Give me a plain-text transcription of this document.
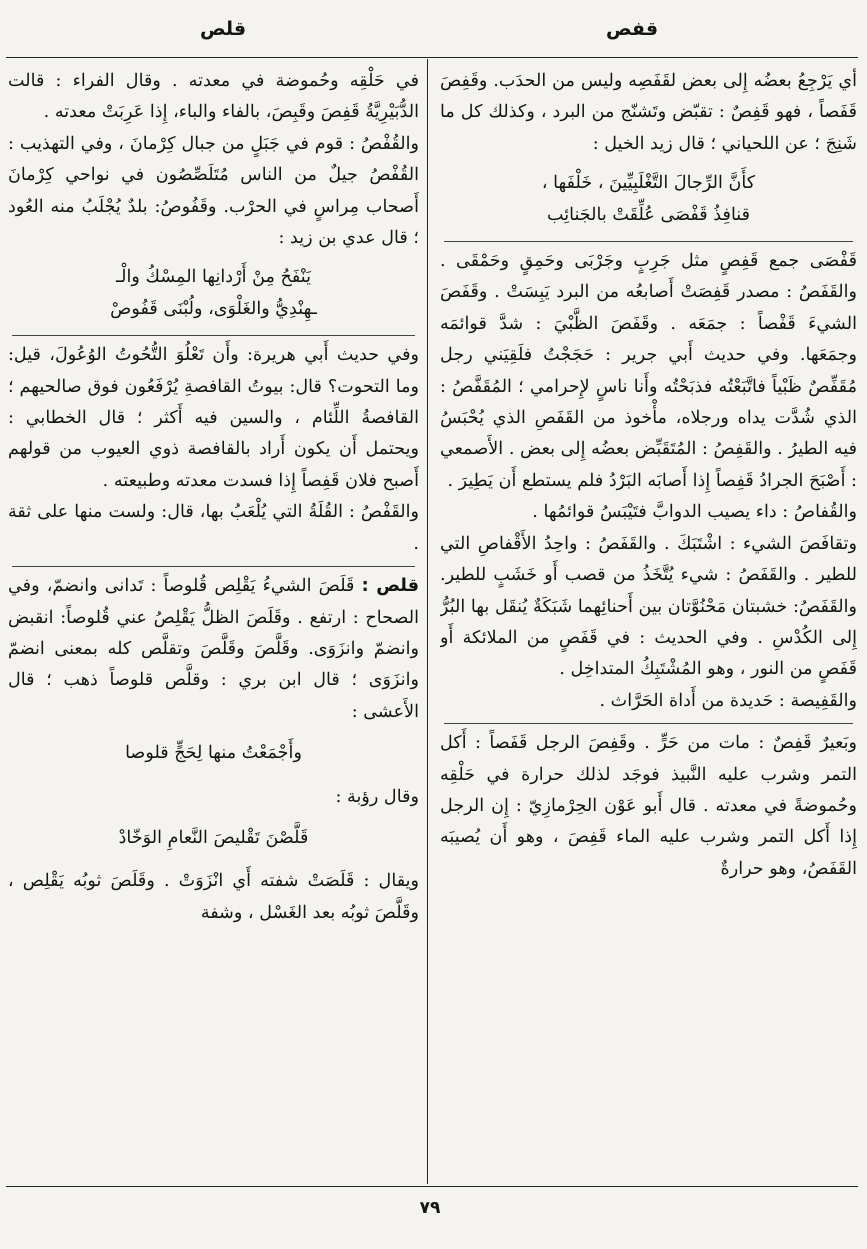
قفص
قلص

أي يَرْجِعُ بعضُه إِلى بعض لقَفَصِه وليس من الحدَب. وقَفِصَ قَفَصاً ، فهو قَفِصٌ : تقبّض وتَشنّج من البرد ، وكذلك كل ما شَنِجَ ؛ عن اللحياني ؛ قال زيد الخيل :

كأَنَّ الرِّجالَ التَّغْلَبِيِّينَ ، خَلْفَها ،
قنافِذُ قَفْصَى عُلِّقَتْ بالجَنائِب

قَفْصَى جمع قَفِصٍ مثل جَرِبٍ وجَرْبَى وحَمِقٍ وحَمْقَى . والقَفَصُ : مصدر قَفِصَتْ أَصابعُه من البرد يَبِسَتْ . وقَفَصَ الشيءَ قَفْصاً : جمَعَه . وقَفَصَ الظَّبْيَ : شدَّ قوائمَه وجمَعَها. وفي حديث أَبي جرير : حَجَجْتُ فلَقِيَني رجل مُقَفِّصٌ ظَبْياً فاتَّبَعْتُه فذبَحْتُه وأَنا ناسٍ لإِحرامي ؛ المُقَفَّصُ : الذي شُدَّت يداه ورجلاه، مأْخوذ من القَفَصِ الذي يُحْبَسُ فيه الطيرُ . والقَفِصُ : المُتَقَبِّض بعضُه إِلى بعض . الأَصمعي : أَصْبَحَ الجرادُ قَفِصاً إِذا أَصابَه البَرْدُ فلم يستطع أَن يَطِيرَ .

والقُفاصُ : داء يصيب الدوابَّ فتَيْبَسُ قوائمُها .

وتقافَصَ الشيء : اشْتَبَكَ . والقَفَصُ : واحِدُ الأَقْفاصِ التي للطير . والقَفَصُ : شيء يُتَّخَذُ من قصب أَو خَشَبٍ للطير. والقَفَصُ: خشبتان مَحْنُوَّتان بين أَحنائِهما شَبَكَةٌ يُنقَل بها البُرُّ إِلى الكُدْسِ . وفي الحديث : في قَفَصٍ من الملائكة أَو قَفَصٍ من النور ، وهو المُشْتَبِكُ المتداخِل .

والقَفِيصة : حَديدة من أَداة الحَرَّاث .

وبَعيرٌ قَفِصٌ : مات من حَرٍّ . وقَفِصَ الرجل قَفَصاً : أَكل التمر وشرب عليه النَّبيذ فوجَد لذلك حرارة في حَلْقِه وحُموضةً في معدته . قال أَبو عَوْن الحِرْمازِيّ : إِن الرجل إِذا أَكل التمر وشرب عليه الماء قَفِصَ ، وهو أَن يُصيبَه القَفَصُ، وهو حرارةٌ

في حَلْقِه وحُموضة في معدته . وقال الفراء : قالت الدُّبَيْرِيَّةُ قَفِصَ وقَبِصَ، بالفاء والباء، إِذا عَرِبَتْ معدته .

والقُفْصُ : قوم في جَبَلٍ من جبال كِرْمانَ ، وفي التهذيب : القُفْصُ جيلٌ من الناس مُتَلَصِّصُون في نواحي كِرْمانَ أَصحاب مِراسٍ في الحرْب. وقَفُوصُ: بلدٌ يُجْلَبُ منه العُود ؛ قال عدي بن زيد :

يَنْفَحُ مِنْ أَرْدانِها المِسْكُ والْـ
ـهِنْدِيُّ والغَلْوَى، ولُبْنَى قَفُوصْ

وفي حديث أَبي هريرة: وأَن تَعْلُوَ التُّحُوتُ الوُعُولَ، قيل: وما التحوت؟ قال: بيوتُ القافصةِ يُرْفَعُون فوق صالحيهم ؛ القافصةُ اللِّئام ، والسين فيه أَكثر ؛ قال الخطابي : ويحتمل أَن يكون أَراد بالقافصة ذوي العيوب من قولهم أَصبح فلان قَفِصاً إِذا فسدت معدته وطبيعته .

والقَفْصُ : القُلَةُ التي يُلْعَبُ بها، قال: ولست منها على ثقة .

قلص : قَلَصَ الشيءُ يَقْلِص قُلوصاً : تَدانى وانضمّ، وفي الصحاح : ارتفع . وقَلَصَ الظلُّ يَقْلِصُ عني قُلوصاً: انقبض وانضمّ وانزَوَى. وقَلَّصَ وقَلَّصَ وتقلَّص كله بمعنى انضمّ وانزَوَى ؛ قال ابن بري : وقلَّص قلوصاً ذهب ؛ قال الأَعشى :

وأَجْمَعْتُ منها لِحَجٍّ قلوصا

وقال رؤبة :

قَلَّصْنَ تَقْليصَ النَّعامِ الوَخّادْ

ويقال : قَلَصَتْ شفته أَي انْزَوَتْ . وقَلَصَ ثوبُه يَقْلِص ، وقَلَّصَ ثوبُه بعد الغَسْل ، وشفة

٧٩
